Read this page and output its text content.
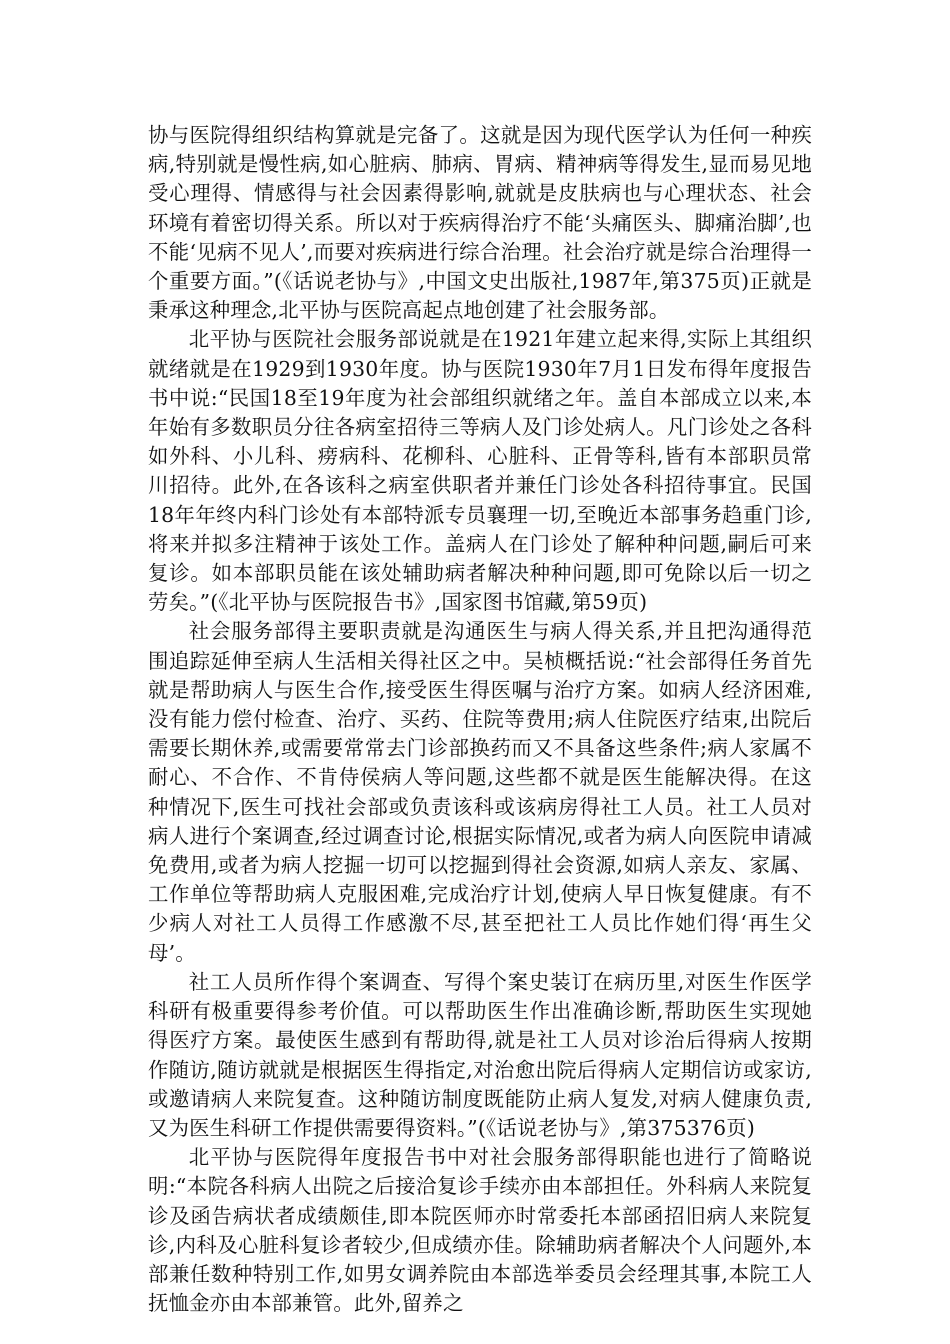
协与医院得组织结构算就是完备了。这就是因为现代医学认为任何一种疾病,特别就是慢性病,如心脏病、肺病、胃病、精神病等得发生,显而易见地受心理得、情感得与社会因素得影响,就就是皮肤病也与心理状态、社会环境有着密切得关系。所以对于疾病得治疗不能‘头痛医头、脚痛治脚’,也不能‘见病不见人’,而要对疾病进行综合治理。社会治疗就是综合治理得一个重要方面。”(《话说老协与》,中国文史出版社,1987年,第375页)正就是秉承这种理念,北平协与医院高起点地创建了社会服务部。

北平协与医院社会服务部说就是在1921年建立起来得,实际上其组织就绪就是在1929到1930年度。协与医院1930年7月1日发布得年度报告书中说:“民国18至19年度为社会部组织就绪之年。盖自本部成立以来,本年始有多数职员分往各病室招待三等病人及门诊处病人。凡门诊处之各科如外科、小儿科、痨病科、花柳科、心脏科、正骨等科,皆有本部职员常川招待。此外,在各该科之病室供职者并兼任门诊处各科招待事宜。民国18年年终内科门诊处有本部特派专员襄理一切,至晚近本部事务趋重门诊,将来并拟多注精神于该处工作。盖病人在门诊处了解种种问题,嗣后可来复诊。如本部职员能在该处辅助病者解决种种问题,即可免除以后一切之劳矣。”(《北平协与医院报告书》,国家图书馆藏,第59页)

社会服务部得主要职责就是沟通医生与病人得关系,并且把沟通得范围追踪延伸至病人生活相关得社区之中。吴桢概括说:“社会部得任务首先就是帮助病人与医生合作,接受医生得医嘱与治疗方案。如病人经济困难,没有能力偿付检查、治疗、买药、住院等费用;病人住院医疗结束,出院后需要长期休养,或需要常常去门诊部换药而又不具备这些条件;病人家属不耐心、不合作、不肯侍侯病人等问题,这些都不就是医生能解决得。在这种情况下,医生可找社会部或负责该科或该病房得社工人员。社工人员对病人进行个案调查,经过调查讨论,根据实际情况,或者为病人向医院申请减免费用,或者为病人挖掘一切可以挖掘到得社会资源,如病人亲友、家属、工作单位等帮助病人克服困难,完成治疗计划,使病人早日恢复健康。有不少病人对社工人员得工作感激不尽,甚至把社工人员比作她们得‘再生父母’。

社工人员所作得个案调查、写得个案史装订在病历里,对医生作医学科研有极重要得参考价值。可以帮助医生作出准确诊断,帮助医生实现她得医疗方案。最使医生感到有帮助得,就是社工人员对诊治后得病人按期作随访,随访就就是根据医生得指定,对治愈出院后得病人定期信访或家访,或邀请病人来院复查。这种随访制度既能防止病人复发,对病人健康负责,又为医生科研工作提供需要得资料。”(《话说老协与》,第375376页)

北平协与医院得年度报告书中对社会服务部得职能也进行了简略说明:“本院各科病人出院之后接洽复诊手续亦由本部担任。外科病人来院复诊及函告病状者成绩颇佳,即本院医师亦时常委托本部函招旧病人来院复诊,内科及心脏科复诊者较少,但成绩亦佳。除辅助病者解决个人问题外,本部兼任数种特别工作,如男女调养院由本部选举委员会经理其事,本院工人抚恤金亦由本部兼管。此外,留养之
